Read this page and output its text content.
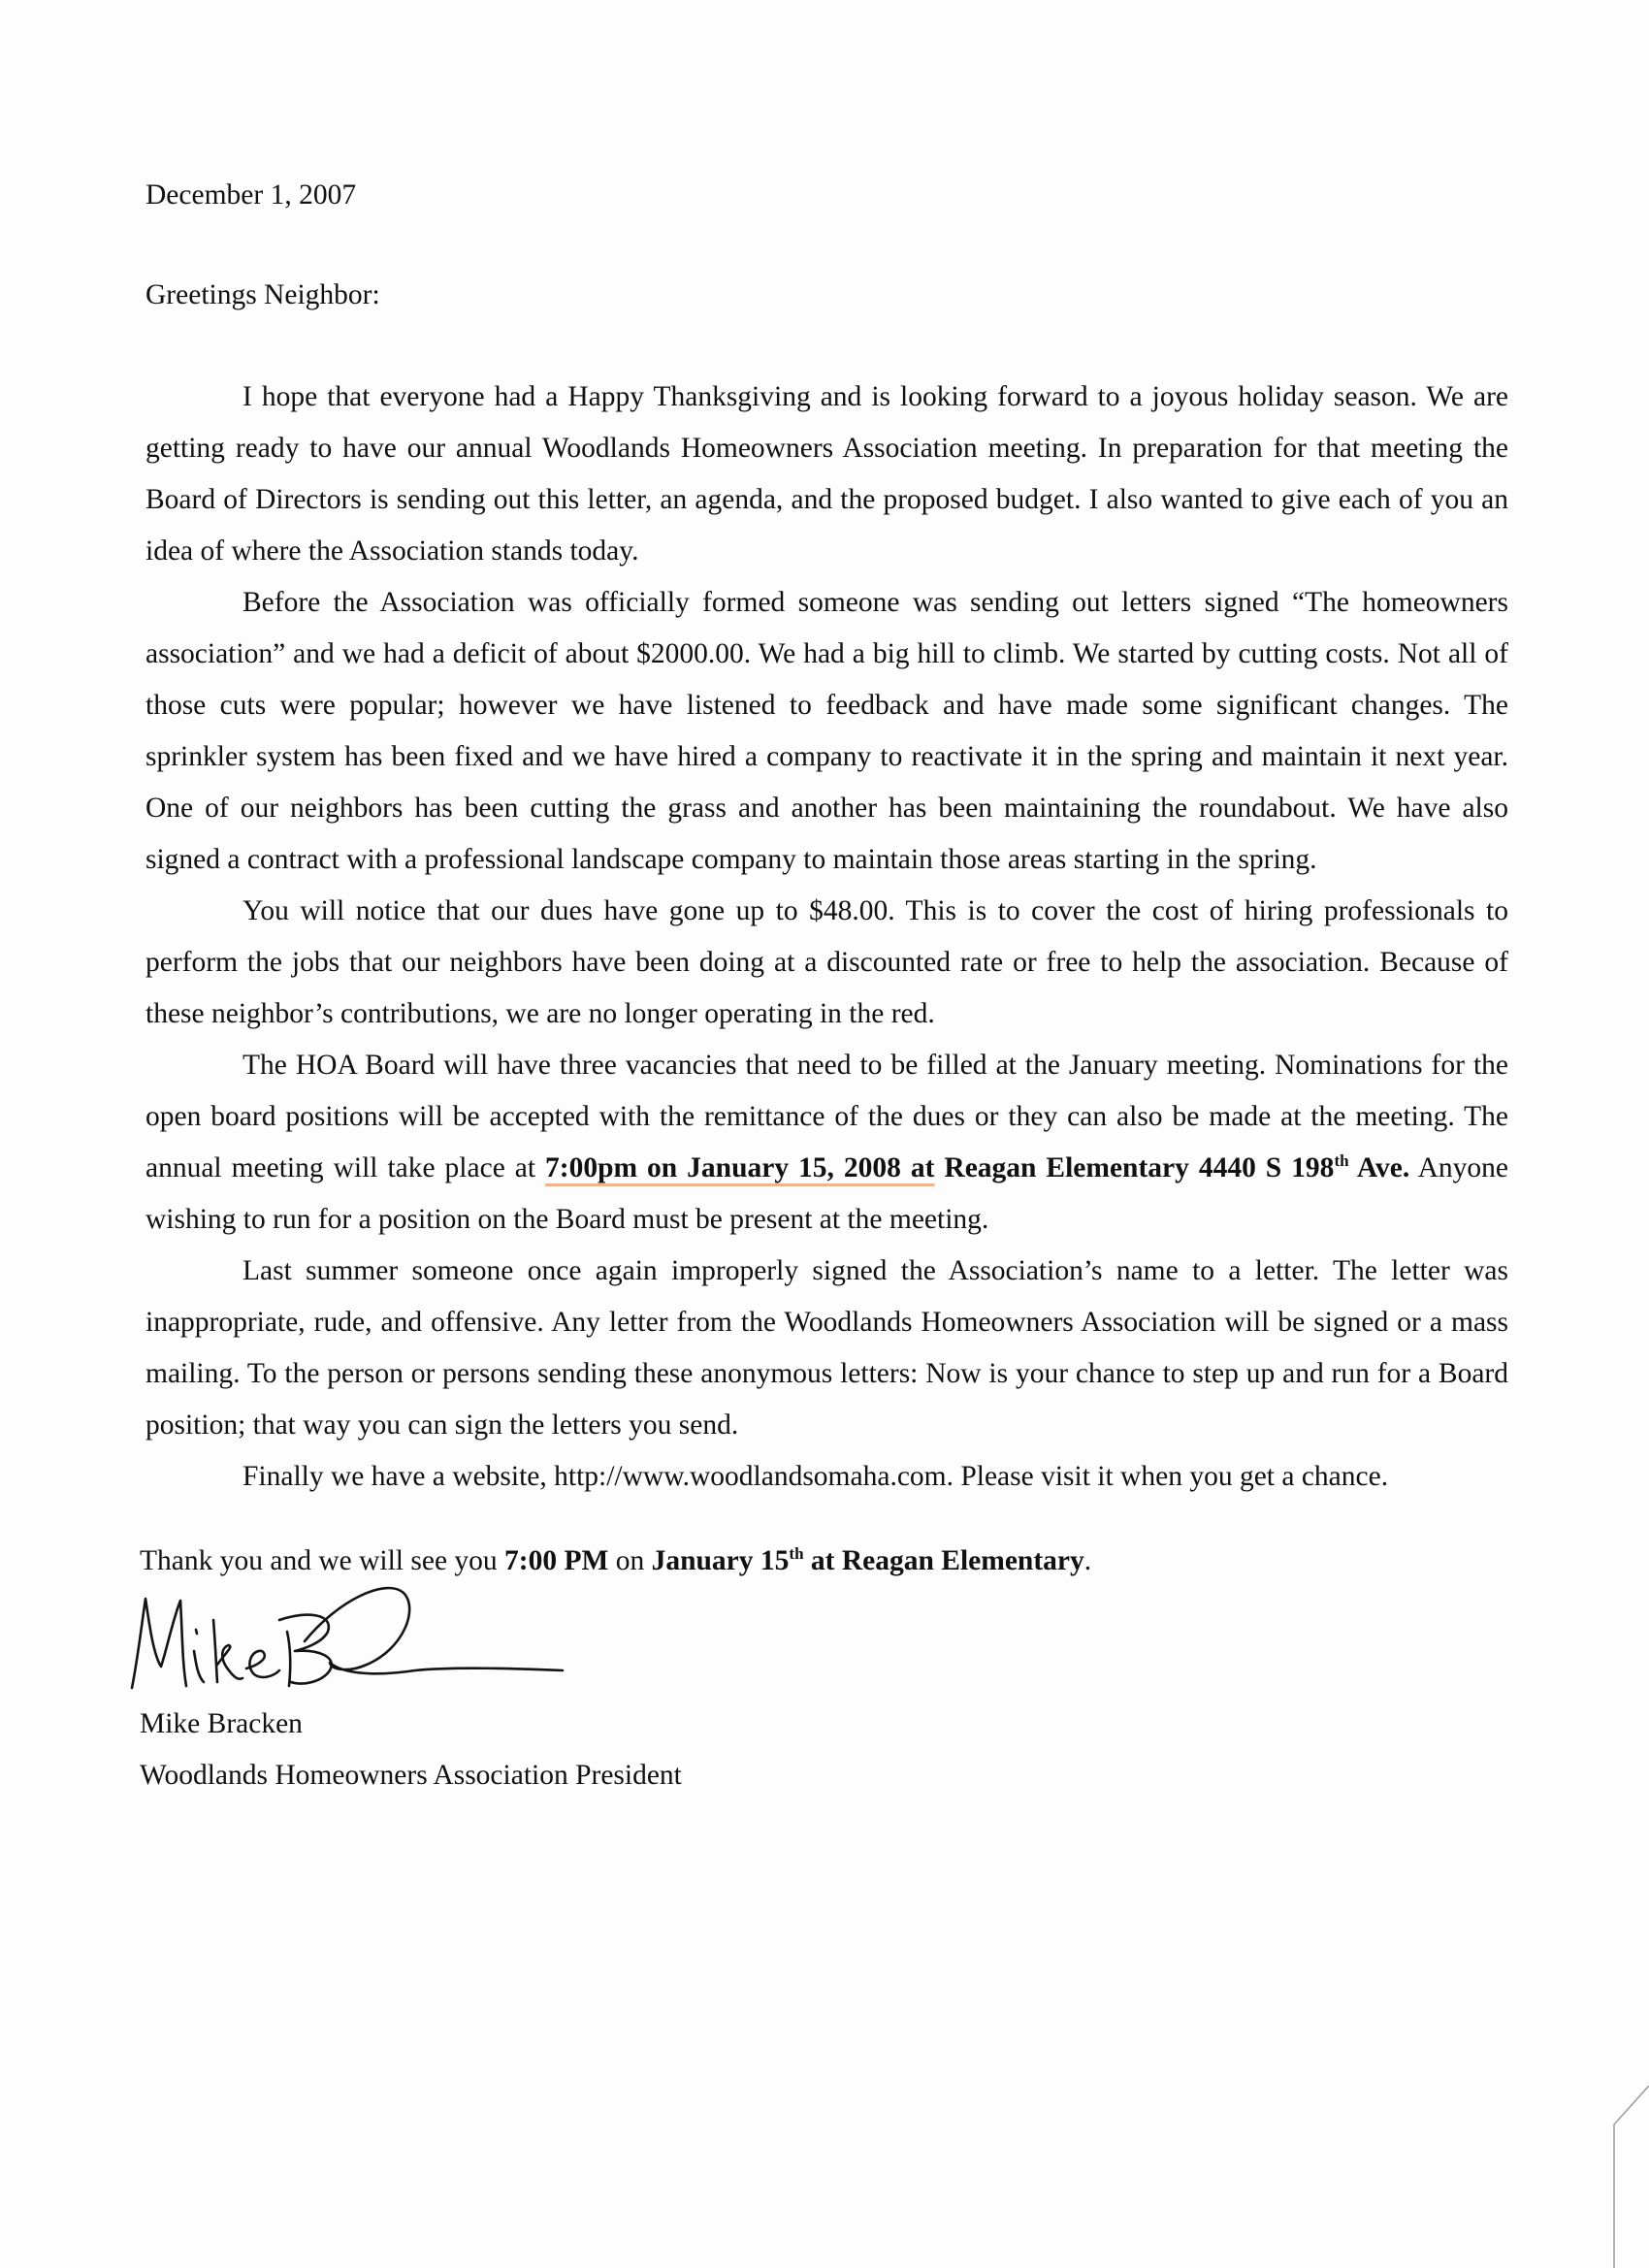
December 1, 2007

Greetings Neighbor:

I hope that everyone had a Happy Thanksgiving and is looking forward to a joyous holiday season. We are getting ready to have our annual Woodlands Homeowners Association meeting. In preparation for that meeting the Board of Directors is sending out this letter, an agenda, and the proposed budget. I also wanted to give each of you an idea of where the Association stands today.

Before the Association was officially formed someone was sending out letters signed “The homeowners association” and we had a deficit of about $2000.00. We had a big hill to climb. We started by cutting costs. Not all of those cuts were popular; however we have listened to feedback and have made some significant changes. The sprinkler system has been fixed and we have hired a company to reactivate it in the spring and maintain it next year. One of our neighbors has been cutting the grass and another has been maintaining the roundabout. We have also signed a contract with a professional landscape company to maintain those areas starting in the spring.

You will notice that our dues have gone up to $48.00. This is to cover the cost of hiring professionals to perform the jobs that our neighbors have been doing at a discounted rate or free to help the association. Because of these neighbor’s contributions, we are no longer operating in the red.

The HOA Board will have three vacancies that need to be filled at the January meeting. Nominations for the open board positions will be accepted with the remittance of the dues or they can also be made at the meeting. The annual meeting will take place at 7:00pm on January 15, 2008 at Reagan Elementary 4440 S 198th Ave. Anyone wishing to run for a position on the Board must be present at the meeting.

Last summer someone once again improperly signed the Association’s name to a letter. The letter was inappropriate, rude, and offensive. Any letter from the Woodlands Homeowners Association will be signed or a mass mailing. To the person or persons sending these anonymous letters: Now is your chance to step up and run for a Board position; that way you can sign the letters you send.

Finally we have a website, http://www.woodlandsomaha.com. Please visit it when you get a chance.

Thank you and we will see you 7:00 PM on January 15th at Reagan Elementary.

Mike Bracken
Woodlands Homeowners Association President
